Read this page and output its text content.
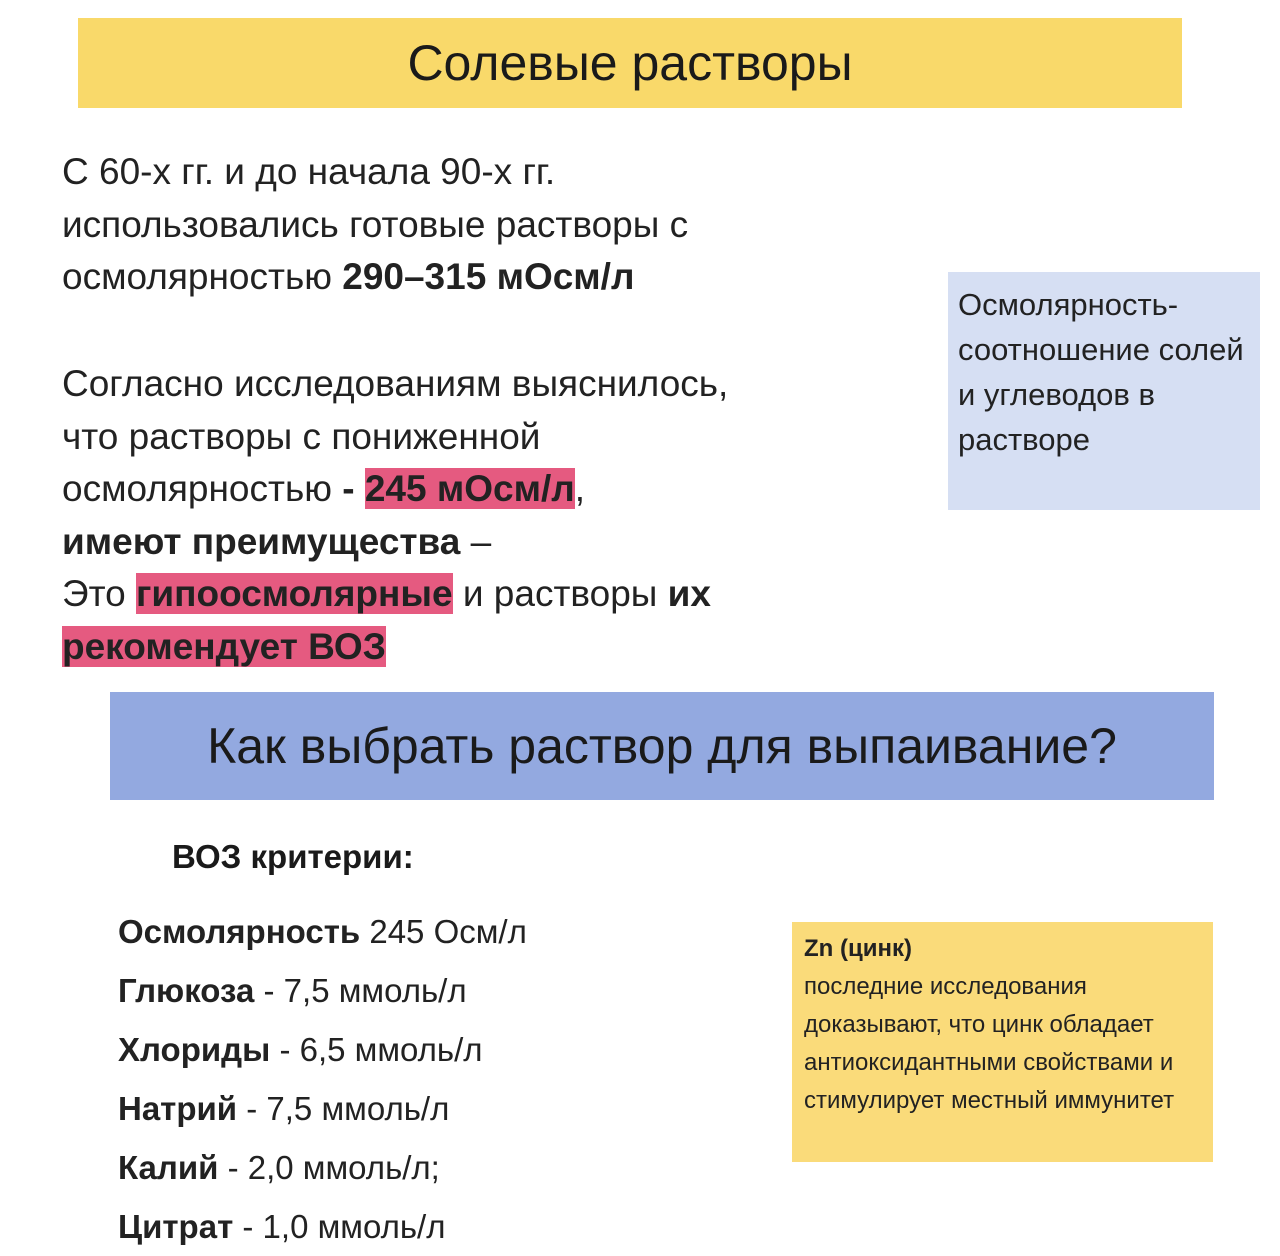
Солевые растворы

С 60-х гг. и до начала 90-х гг.
использовались готовые растворы с
осмолярностью 290–315 мОсм/л

Согласно исследованиям выяснилось,
что растворы с пониженной
осмолярностью - 245 мОсм/л,
имеют преимущества –
Это гипоосмолярные и растворы их
рекомендует ВОЗ

Осмолярность- соотношение солей и углеводов в растворе
Как выбрать раствор для выпаивание?
ВОЗ критерии:
Осмолярность 245 Осм/л
Глюкоза - 7,5 ммоль/л
Хлориды - 6,5 ммоль/л
Натрий - 7,5 ммоль/л
Калий - 2,0 ммоль/л;
Цитрат - 1,0 ммоль/л
Zn (цинк)
последние исследования доказывают, что цинк обладает антиоксидантными свойствами и стимулирует местный иммунитет
